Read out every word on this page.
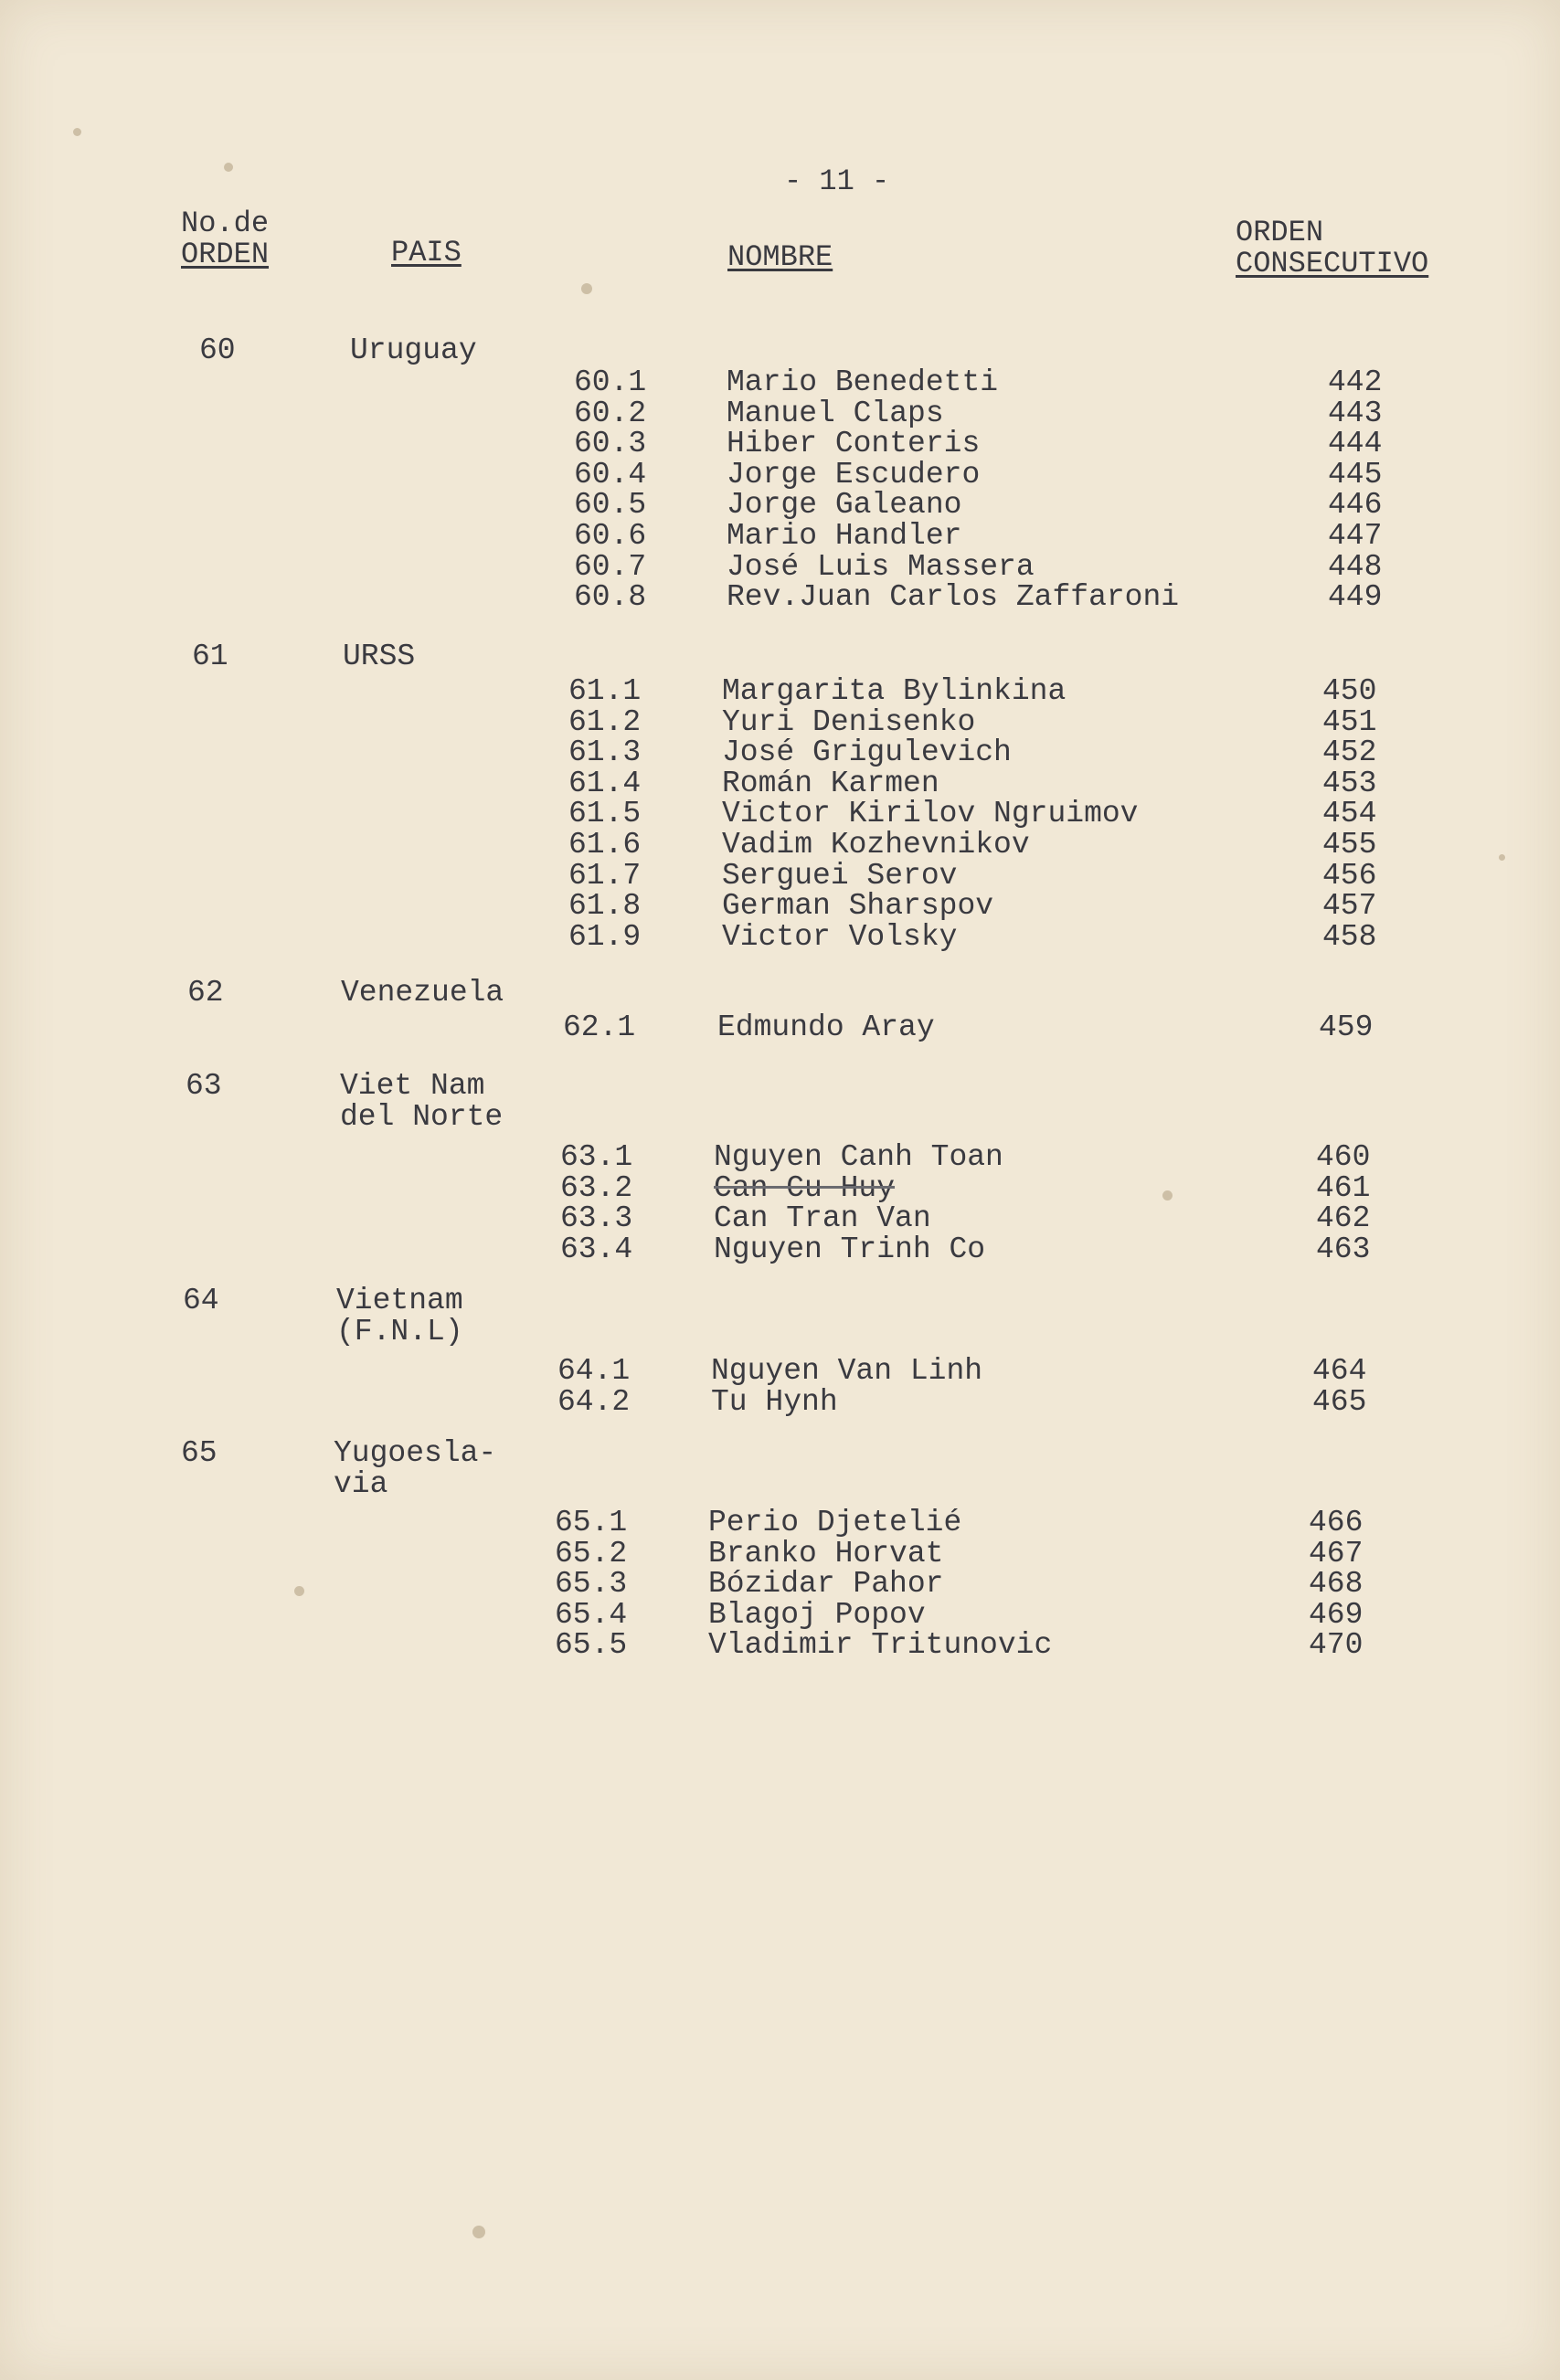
- 11 -
No.de
ORDEN	PAIS	NOMBRE
ORDEN
CONSECUTIVO
60	Uruguay
60.1	Mario Benedetti	442
60.2	Manuel Claps	443
60.3	Hiber Conteris	444
60.4	Jorge Escudero	445
60.5	Jorge Galeano	446
60.6	Mario Handler	447
60.7	José Luis Massera	448
60.8	Rev.Juan Carlos Zaffaroni	449
61	URSS
61.1	Margarita Bylinkina	450
61.2	Yuri Denisenko	451
61.3	José Grigulevich	452
61.4	Román Karmen	453
61.5	Victor Kirilov Ngruimov	454
61.6	Vadim Kozhevnikov	455
61.7	Serguei Serov	456
61.8	German Sharspov	457
61.9	Victor Volsky	458
62	Venezuela
62.1	Edmundo Aray	459
63	Viet Nam
del Norte
63.1	Nguyen Canh Toan	460
63.2	Can Cu Huy	461
63.3	Can Tran Van	462
63.4	Nguyen Trinh Co	463
64	Vietnam
(F.N.L)
64.1	Nguyen Van Linh	464
64.2	Tu Hynh	465
65	Yugoesla-
via
65.1	Perio Djetelié	466
65.2	Branko Horvat	467
65.3	Bózidar Pahor	468
65.4	Blagoj Popov	469
65.5	Vladimir Tritunovic	470
